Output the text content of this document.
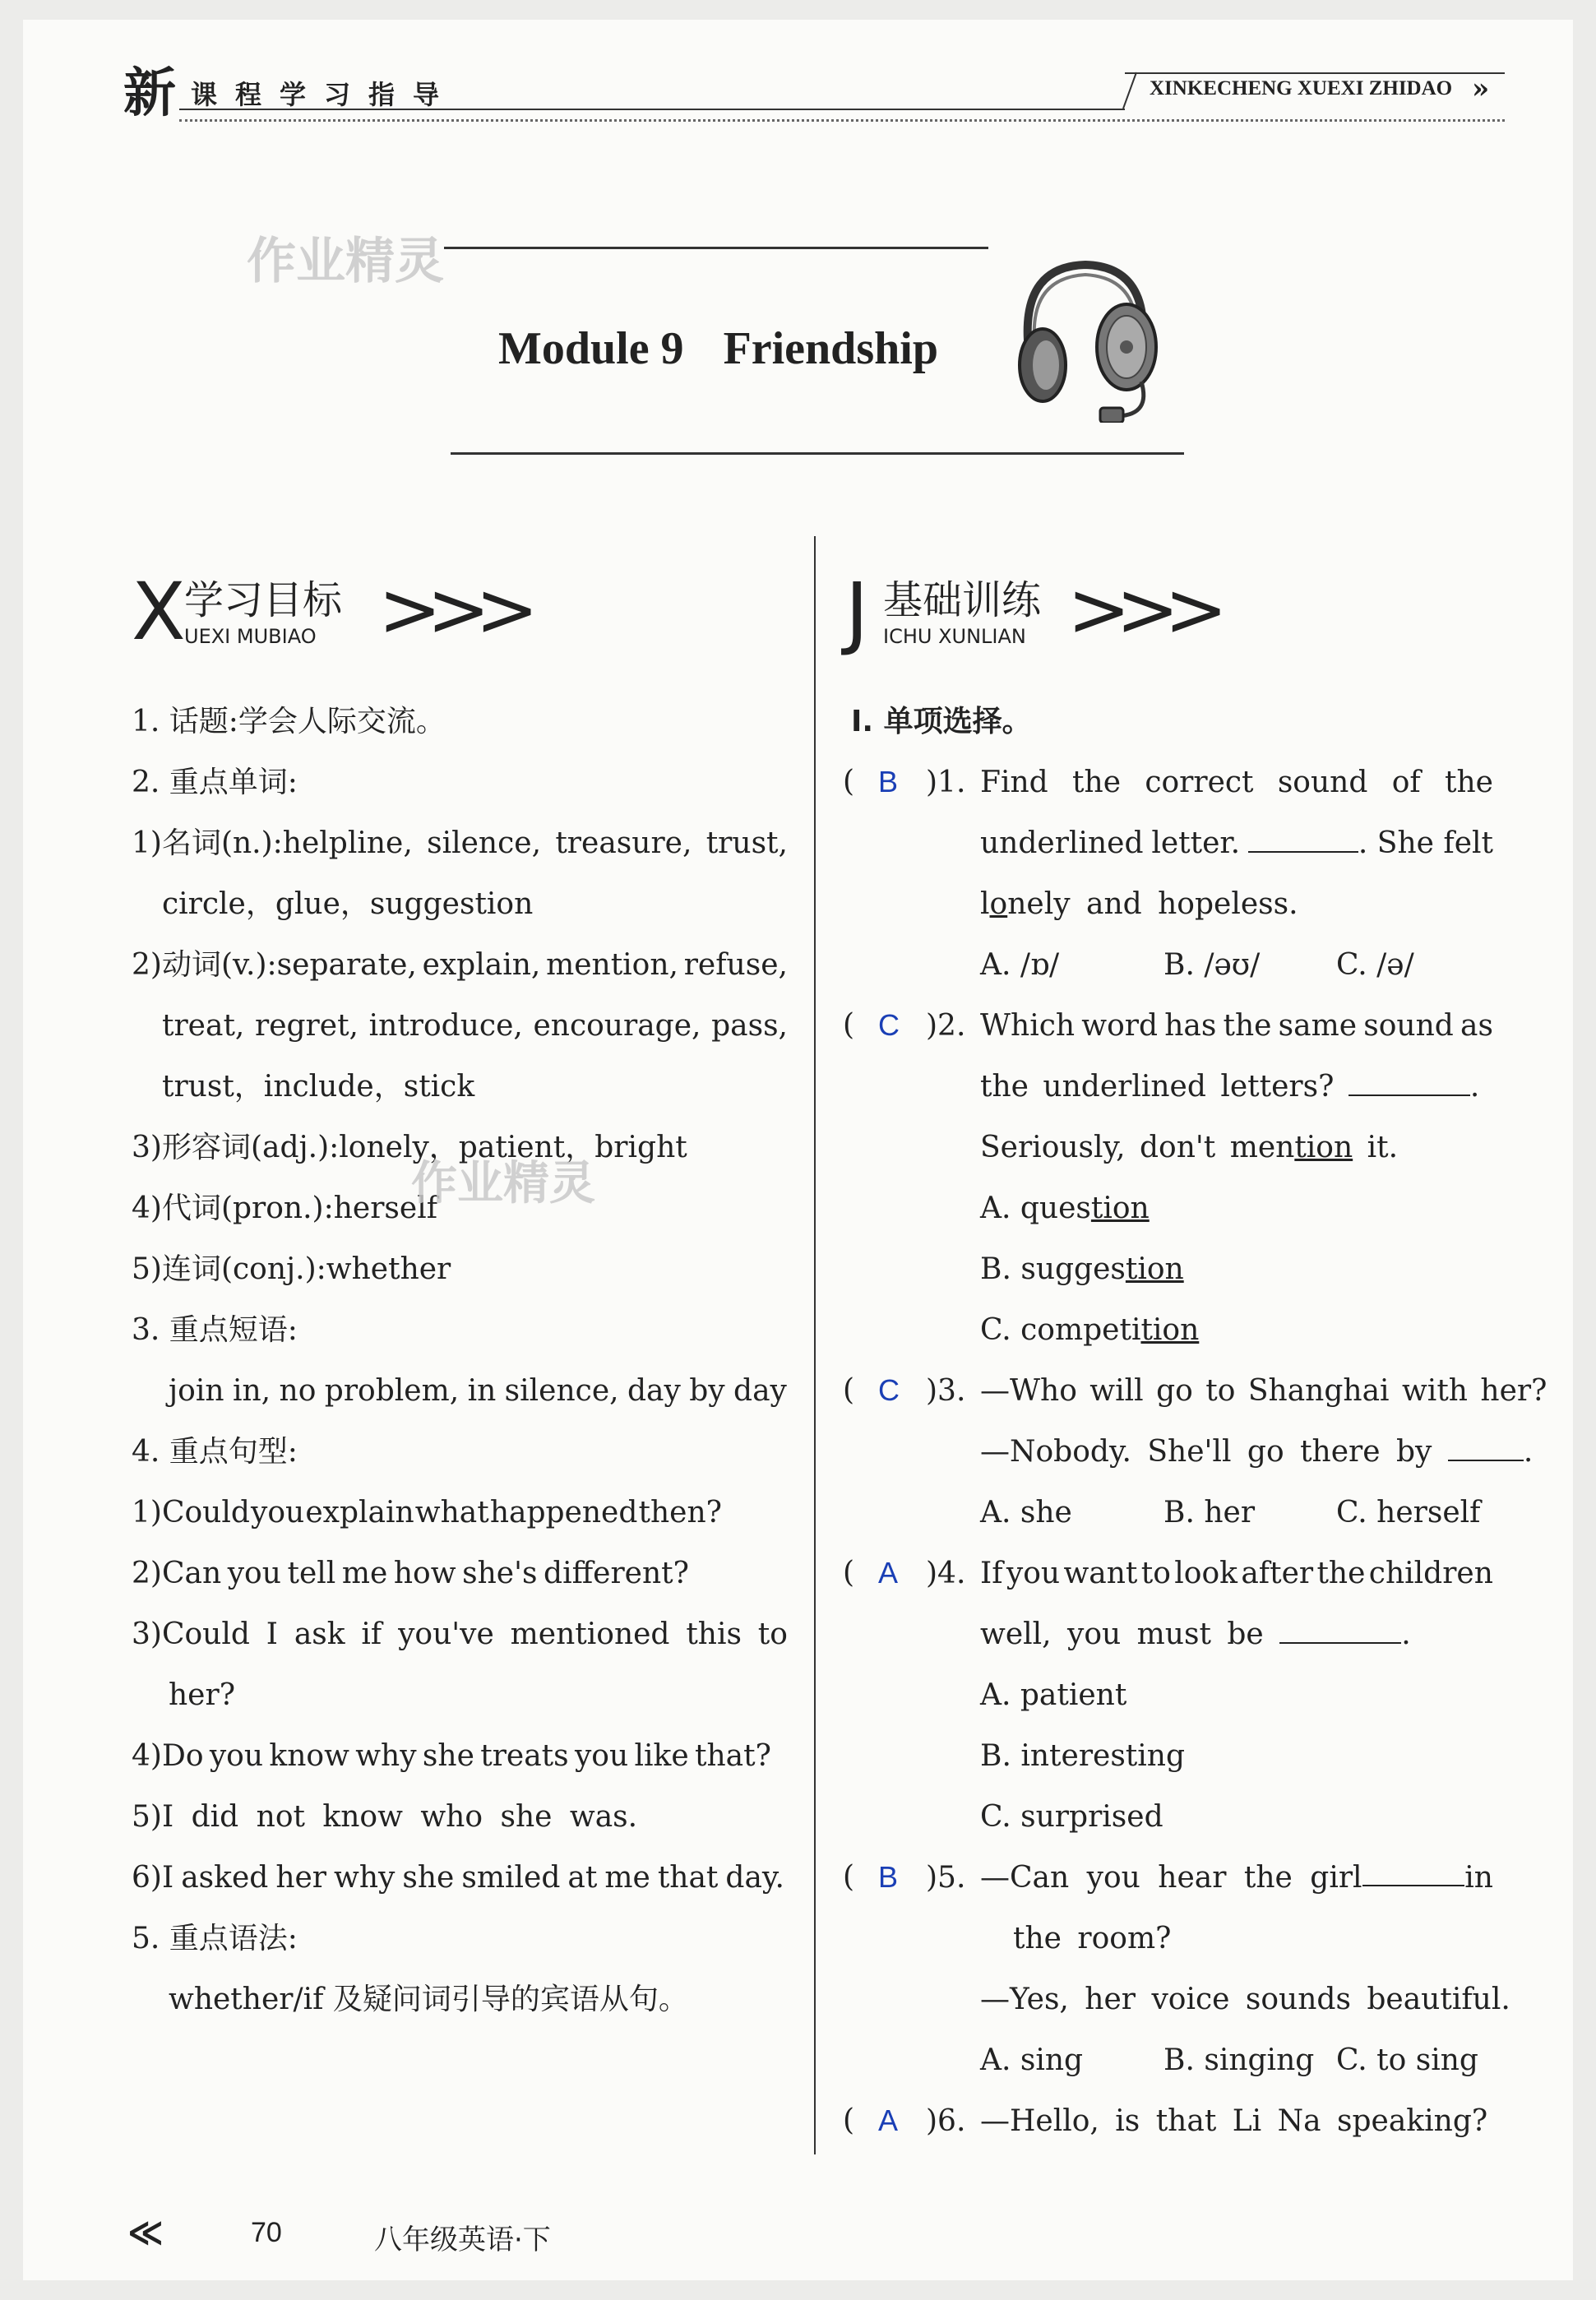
新 课程学习指导	XINKECHENG XUEXI ZHIDAO »
作业精灵
Module 9 Friendship
X
学习目标
UEXI MUBIAO >>>
1. 话题:学会人际交流。
2. 重点单词:
1)名词(n.):helpline, silence, treasure, trust,
circle，glue，suggestion
2)动词(v.):separate, explain, mention, refuse,
treat, regret, introduce, encourage, pass,
trust，include，stick
3)形容词(adj.):lonely，patient，bright
4)代词(pron.):herself
作业精灵
5)连词(conj.):whether
3. 重点短语:
join in, no problem, in silence, day by day
4. 重点句型:
1)Could you explain what happened then?
2)Can you tell me how she's different?
3)Could I ask if you've mentioned this to
her?
4)Do you know why she treats you like that?
5)I did not know who she was.
6)I asked her why she smiled at me that day.
5. 重点语法:
whether/if 及疑问词引导的宾语从句。
J 基础训练
ICHU XUNLIAN >>>
Ⅰ. 单项选择。
( B )1. Find the correct sound of the
underlined letter.	. She felt
lonely and hopeless.
A. /ɒ/	B. /əʊ/	C. /ə/
( C )2. Which word has the same sound as
the underlined letters?	.
Seriously, don't mention it.
A. question
B. suggestion
C. competition
( C )3. —Who will go to Shanghai with her?
—Nobody. She'll go there by	.
A. she	B. her	C. herself
( A )4. If you want to look after the children
well, you must be	.
A. patient
B. interesting
C. surprised
( B )5. —Can you hear the girl	in
the room?
—Yes, her voice sounds beautiful.
A. sing	B. singing C. to sing
( A )6. —Hello, is that Li Na speaking?
≪	70	八年级英语·下
